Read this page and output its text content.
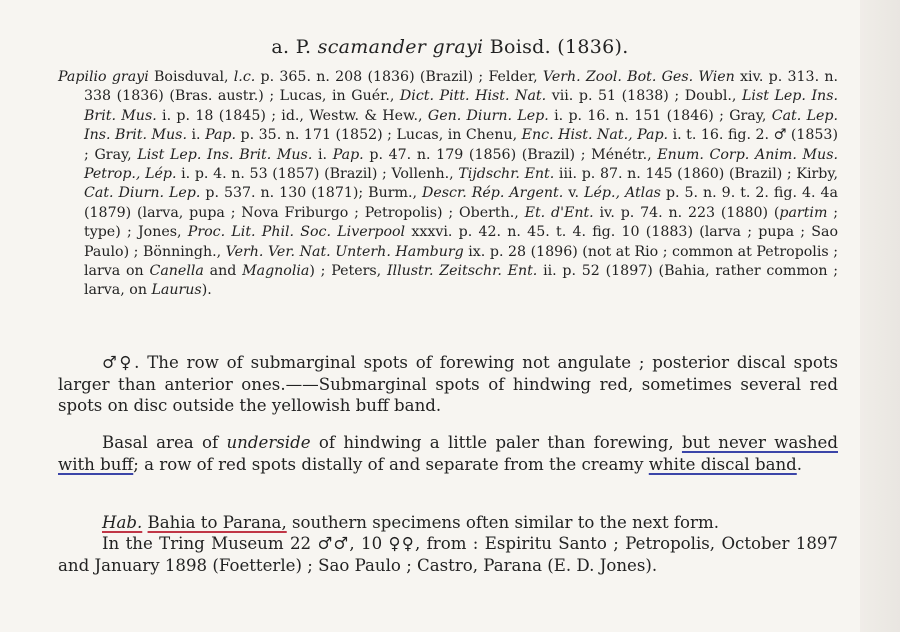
a. P. scamander grayi Boisd. (1836).
Papilio grayi Boisduval, l.c. p. 365. n. 208 (1836) (Brazil) ; Felder, Verh. Zool. Bot. Ges. Wien xiv. p. 313. n. 338 (1836) (Bras. austr.) ; Lucas, in Guér., Dict. Pitt. Hist. Nat. vii. p. 51 (1838) ; Doubl., List Lep. Ins. Brit. Mus. i. p. 18 (1845) ; id., Westw. & Hew., Gen. Diurn. Lep. i. p. 16. n. 151 (1846) ; Gray, Cat. Lep. Ins. Brit. Mus. i. Pap. p. 35. n. 171 (1852) ; Lucas, in Chenu, Enc. Hist. Nat., Pap. i. t. 16. fig. 2. ♂ (1853) ; Gray, List Lep. Ins. Brit. Mus. i. Pap. p. 47. n. 179 (1856) (Brazil) ; Ménétr., Enum. Corp. Anim. Mus. Petrop., Lép. i. p. 4. n. 53 (1857) (Brazil) ; Vollenh., Tijdschr. Ent. iii. p. 87. n. 145 (1860) (Brazil) ; Kirby, Cat. Diurn. Lep. p. 537. n. 130 (1871); Burm., Descr. Rép. Argent. v. Lép., Atlas p. 5. n. 9. t. 2. fig. 4. 4a (1879) (larva, pupa ; Nova Friburgo ; Petropolis) ; Oberth., Et. d'Ent. iv. p. 74. n. 223 (1880) (partim ; type) ; Jones, Proc. Lit. Phil. Soc. Liverpool xxxvi. p. 42. n. 45. t. 4. fig. 10 (1883) (larva ; pupa ; Sao Paulo) ; Bönningh., Verh. Ver. Nat. Unterh. Hamburg ix. p. 28 (1896) (not at Rio ; common at Petropolis ; larva on Canella and Magnolia) ; Peters, Illustr. Zeitschr. Ent. ii. p. 52 (1897) (Bahia, rather common ; larva, on Laurus).
♂♀. The row of submarginal spots of forewing not angulate ; posterior discal spots larger than anterior ones.——Submarginal spots of hindwing red, sometimes several red spots on disc outside the yellowish buff band.
Basal area of underside of hindwing a little paler than forewing, but never washed with buff; a row of red spots distally of and separate from the creamy white discal band.
Hab. Bahia to Parana, southern specimens often similar to the next form.
In the Tring Museum 22 ♂♂, 10 ♀♀, from : Espiritu Santo ; Petropolis, October 1897 and January 1898 (Foetterle) ; Sao Paulo ; Castro, Parana (E. D. Jones).
